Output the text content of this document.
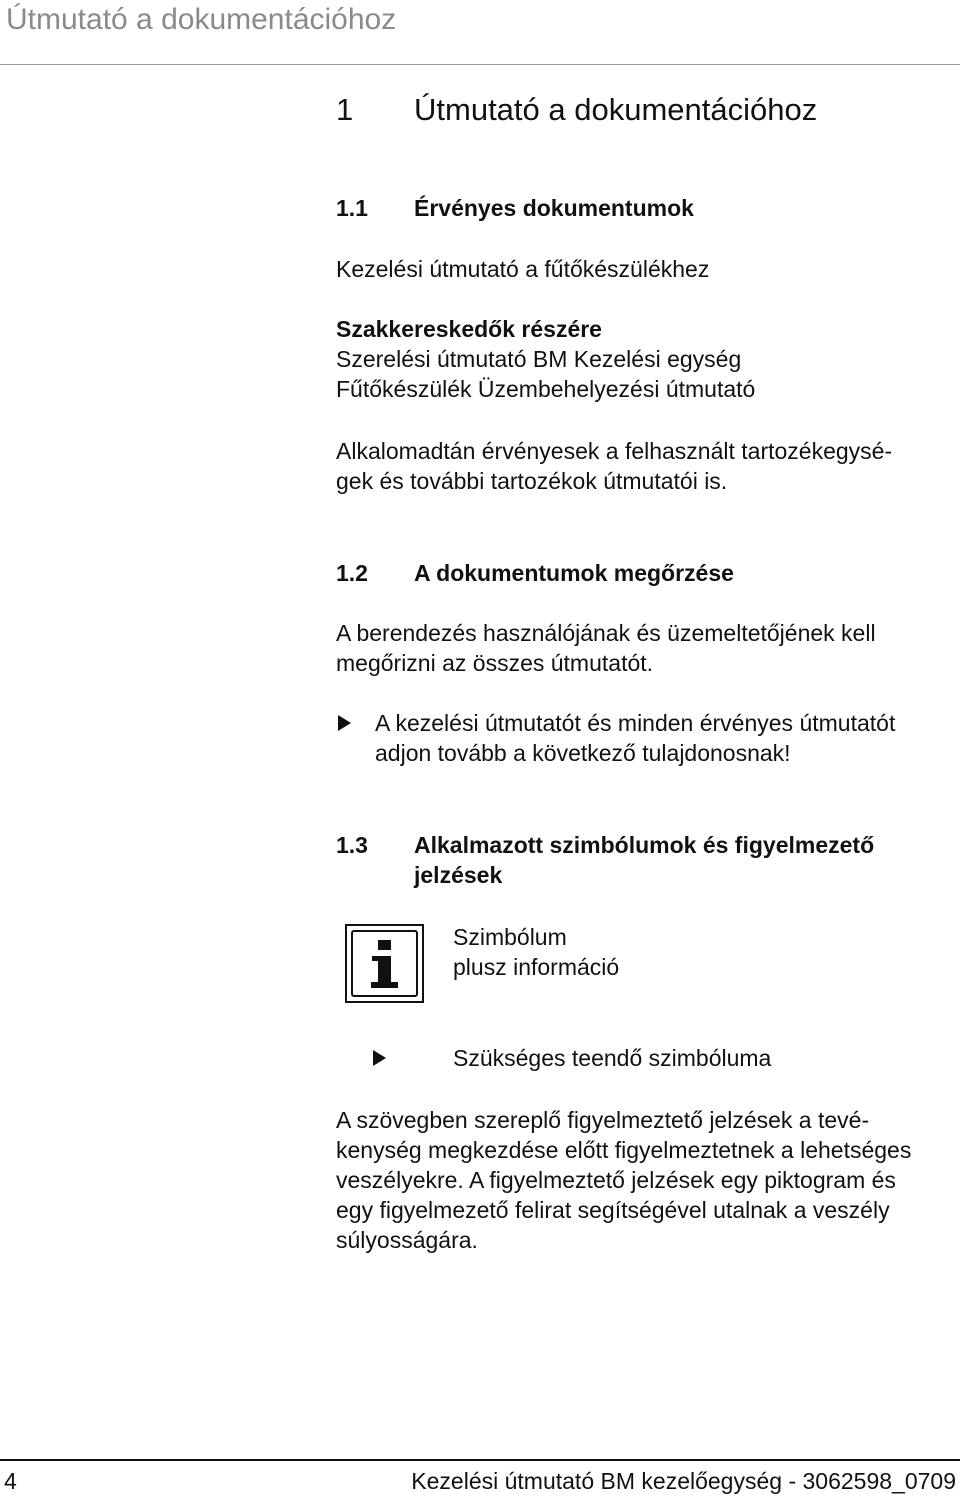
Útmutató a dokumentációhoz
1 Útmutató a dokumentációhoz
1.1 Érvényes dokumentumok
Kezelési útmutató a fűtőkészülékhez
Szakkereskedők részére
Szerelési útmutató BM Kezelési egység
Fűtőkészülék Üzembehelyezési útmutató
Alkalomadtán érvényesek a felhasznált tartozékegysé-
gek és további tartozékok útmutatói is.
1.2 A dokumentumok megőrzése
A berendezés használójának és üzemeltetőjének kell
megőrizni az összes útmutatót.
A kezelési útmutatót és minden érvényes útmutatót
adjon tovább a következő tulajdonosnak!
1.3 Alkalmazott szimbólumok és figyelmezető
jelzések
Szimbólum
plusz információ
Szükséges teendő szimbóluma
A szövegben szereplő figyelmeztető jelzések a tevé-
kenység megkezdése előtt figyelmeztetnek a lehetséges
veszélyekre. A figyelmeztető jelzések egy piktogram és
egy figyelmezető felirat segítségével utalnak a veszély
súlyosságára.
4	Kezelési útmutató BM kezelőegység - 3062598_0709
